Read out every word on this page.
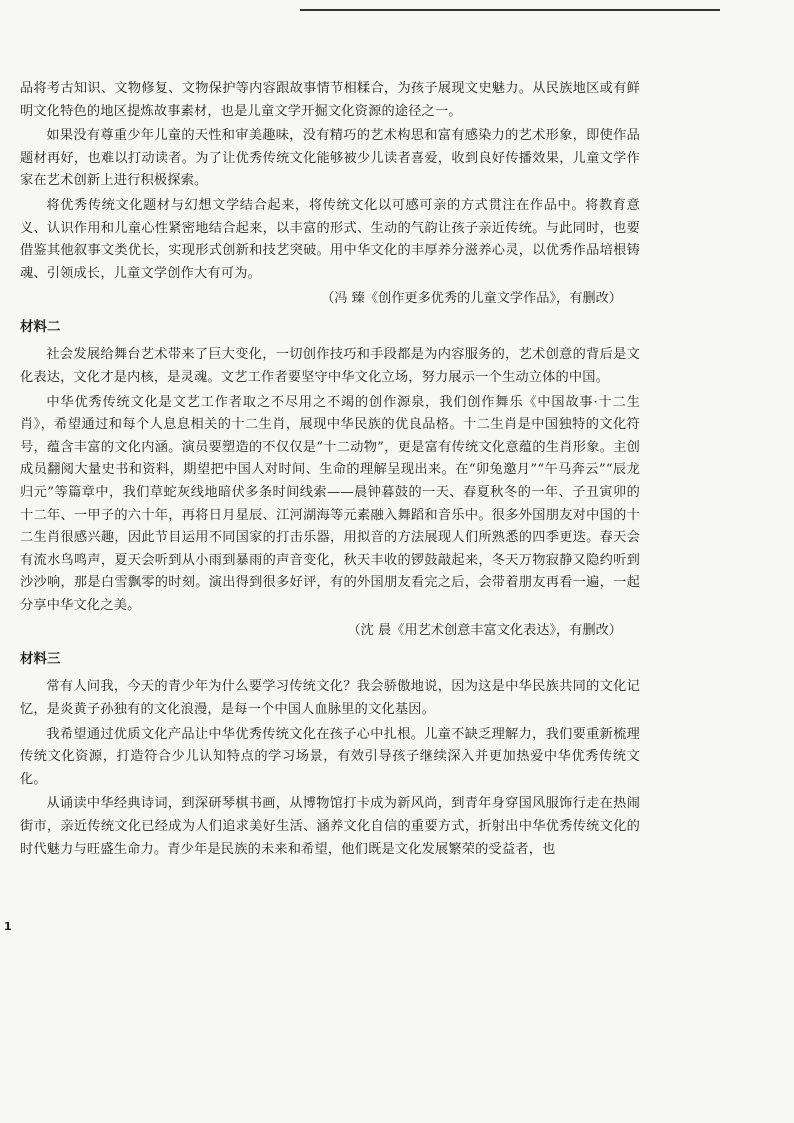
品将考古知识、文物修复、文物保护等内容跟故事情节相糅合，为孩子展现文史魅力。从民族地区或有鲜明文化特色的地区提炼故事素材，也是儿童文学开掘文化资源的途径之一。

如果没有尊重少年儿童的天性和审美趣味，没有精巧的艺术构思和富有感染力的艺术形象，即使作品题材再好，也难以打动读者。为了让优秀传统文化能够被少儿读者喜爱，收到良好传播效果，儿童文学作家在艺术创新上进行积极探索。

将优秀传统文化题材与幻想文学结合起来，将传统文化以可感可亲的方式贯注在作品中。将教育意义、认识作用和儿童心性紧密地结合起来，以丰富的形式、生动的气韵让孩子亲近传统。与此同时，也要借鉴其他叙事文类优长，实现形式创新和技艺突破。用中华文化的丰厚养分滋养心灵，以优秀作品培根铸魂、引领成长，儿童文学创作大有可为。

（冯 臻《创作更多优秀的儿童文学作品》，有删改）
材料二

社会发展给舞台艺术带来了巨大变化，一切创作技巧和手段都是为内容服务的，艺术创意的背后是文化表达，文化才是内核，是灵魂。文艺工作者要坚守中华文化立场，努力展示一个生动立体的中国。

中华优秀传统文化是文艺工作者取之不尽用之不竭的创作源泉，我们创作舞乐《中国故事·十二生肖》，希望通过和每个人息息相关的十二生肖，展现中华民族的优良品格。十二生肖是中国独特的文化符号，蕴含丰富的文化内涵。演员要塑造的不仅仅是“十二动物”，更是富有传统文化意蕴的生肖形象。主创成员翻阅大量史书和资料，期望把中国人对时间、生命的理解呈现出来。在“卯兔邀月”“午马奔云”“辰龙归元”等篇章中，我们草蛇灰线地暗伏多条时间线索——晨钟暮鼓的一天、春夏秋冬的一年、子丑寅卯的十二年、一甲子的六十年，再将日月星辰、江河湖海等元素融入舞蹈和音乐中。很多外国朋友对中国的十二生肖很感兴趣，因此节目运用不同国家的打击乐器，用拟音的方法展现人们所熟悉的四季更迭。春天会有流水鸟鸣声，夏天会听到从小雨到暴雨的声音变化，秋天丰收的锣鼓敲起来，冬天万物寂静又隐约听到沙沙响，那是白雪飘零的时刻。演出得到很多好评，有的外国朋友看完之后，会带着朋友再看一遍，一起分享中华文化之美。

（沈 晨《用艺术创意丰富文化表达》，有删改）
材料三

常有人问我，今天的青少年为什么要学习传统文化？我会骄傲地说，因为这是中华民族共同的文化记忆，是炎黄子孙独有的文化浪漫，是每一个中国人血脉里的文化基因。

我希望通过优质文化产品让中华优秀传统文化在孩子心中扎根。儿童不缺乏理解力，我们要重新梳理传统文化资源，打造符合少儿认知特点的学习场景，有效引导孩子继续深入并更加热爱中华优秀传统文化。

从诵读中华经典诗词，到深研琴棋书画，从博物馆打卡成为新风尚，到青年身穿国风服饰行走在热闹街市，亲近传统文化已经成为人们追求美好生活、涵养文化自信的重要方式，折射出中华优秀传统文化的时代魅力与旺盛生命力。青少年是民族的未来和希望，他们既是文化发展繁荣的受益者，也

1
